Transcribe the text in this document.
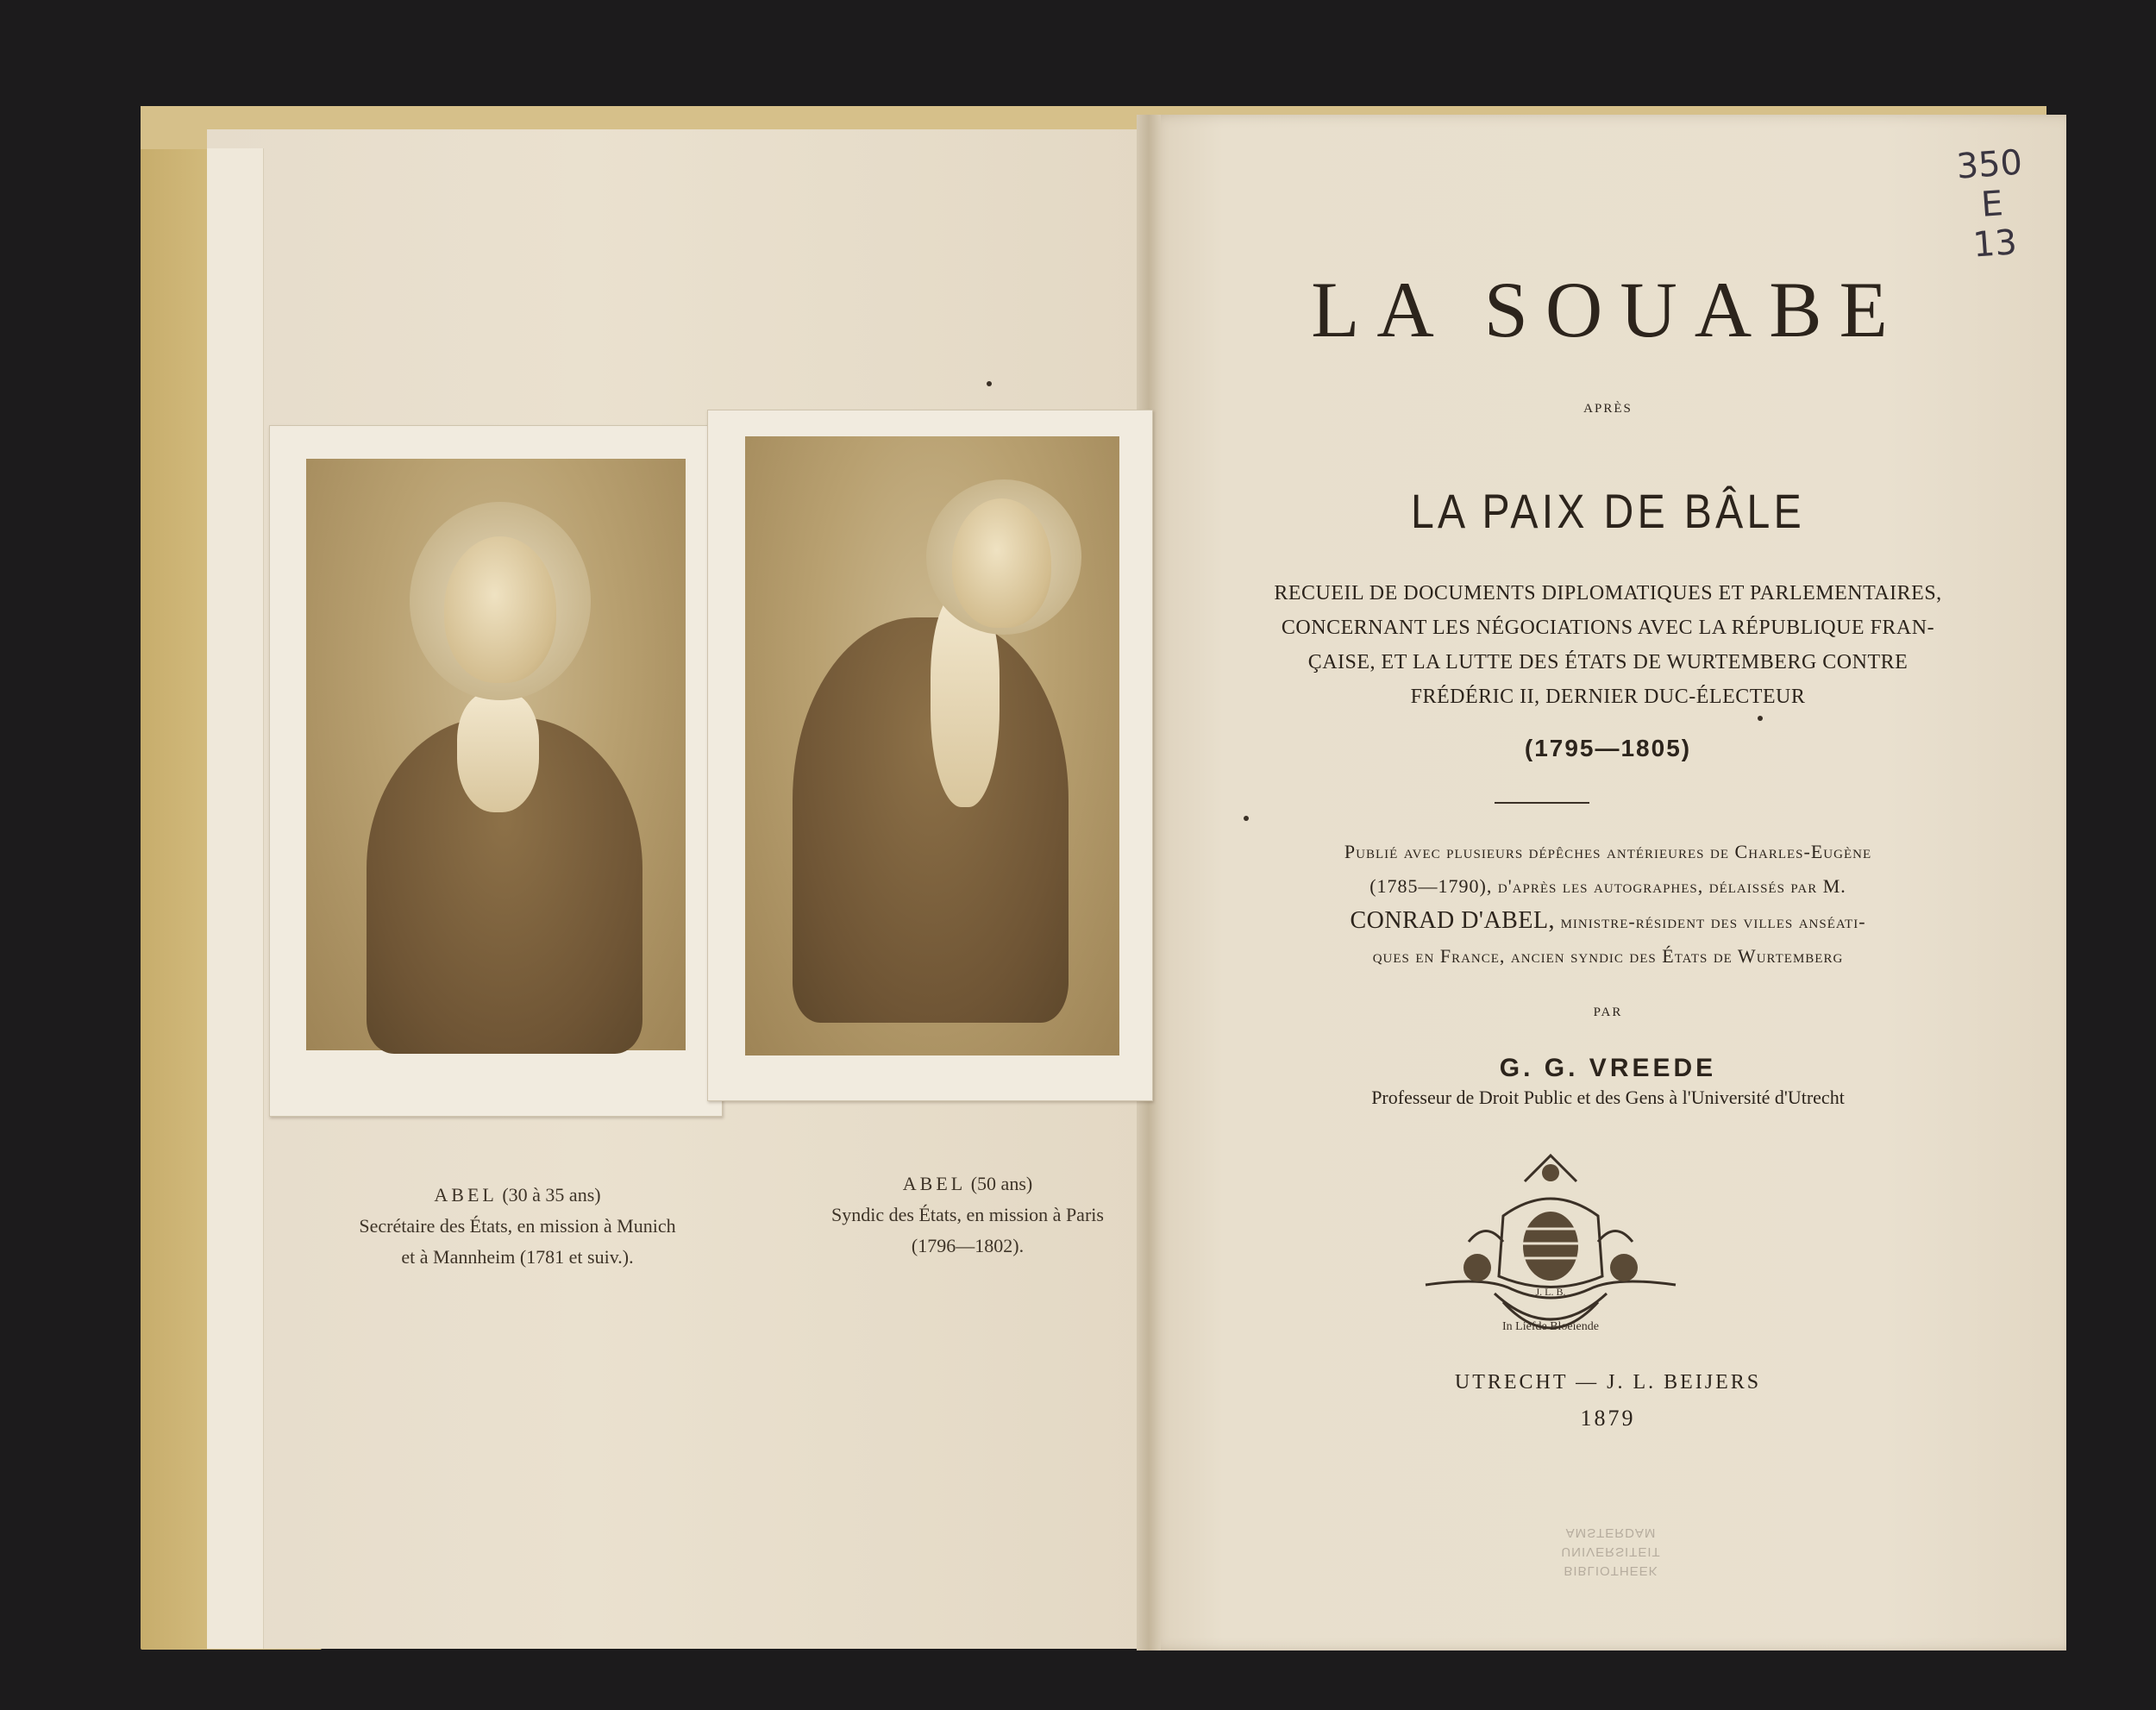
ABEL (30 à 35 ans)
Secrétaire des États, en mission à Munich
et à Mannheim (1781 et suiv.).
ABEL (50 ans)
Syndic des États, en mission à Paris
(1796—1802).
LA SOUABE
APRÈS
LA PAIX DE BÂLE
RECUEIL DE DOCUMENTS DIPLOMATIQUES ET PARLEMENTAIRES,
CONCERNANT LES NÉGOCIATIONS AVEC LA RÉPUBLIQUE FRAN-
ÇAISE, ET LA LUTTE DES ÉTATS DE WURTEMBERG CONTRE
FRÉDÉRIC II, DERNIER DUC-ÉLECTEUR
(1795—1805)
Publié avec plusieurs dépêches antérieures de Charles-Eugène
(1785—1790), d'après les autographes, délaissés par M.
CONRAD D'ABEL, ministre-résident des villes anséati-
ques en France, ancien syndic des États de Wurtemberg
PAR
G. G. VREEDE
Professeur de Droit Public et des Gens à l'Université d'Utrecht
UTRECHT — J. L. BEIJERS
1879
In Liefde Bloeiende
J. L. B.
BIBLIOTHEEK
UNIVERSITEIT
AMSTERDAM
350
E
13
